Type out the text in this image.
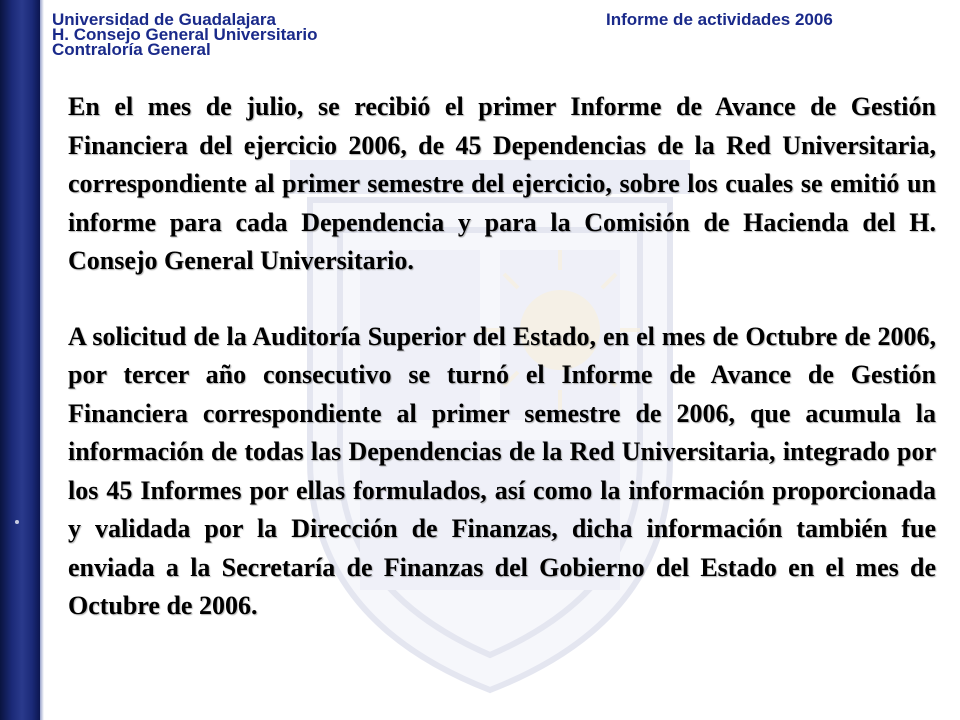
Universidad de Guadalajara
H. Consejo General Universitario
Contraloría General
Informe de actividades 2006

En el mes de julio, se recibió el primer Informe de Avance de Gestión Financiera del ejercicio 2006, de 45 Dependencias de la Red Universitaria, correspondiente al primer semestre del ejercicio, sobre los cuales se emitió un informe para cada Dependencia y para la Comisión de Hacienda del H. Consejo General Universitario.

A solicitud de la Auditoría Superior del Estado, en el mes de Octubre de 2006, por tercer año consecutivo se turnó el Informe de Avance de Gestión Financiera correspondiente al primer semestre de 2006, que acumula la información de todas las Dependencias de la Red Universitaria, integrado por los 45 Informes por ellas formulados, así como la información proporcionada y validada por la Dirección de Finanzas, dicha información también fue enviada a la Secretaría de Finanzas del Gobierno del Estado en el mes de Octubre de 2006.
